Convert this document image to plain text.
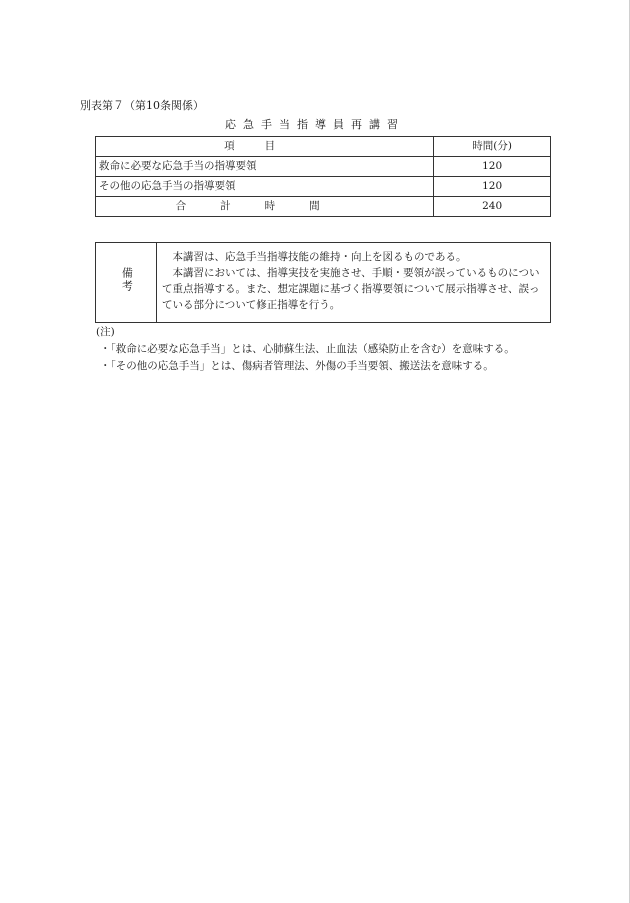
別表第７（第10条関係）
応急手当指導員再講習
項目	時間(分)
救命に必要な応急手当の指導要領	120
その他の応急手当の指導要領	120
合計時間	240
備考	

本講習は、応急手当指導技能の維持・向上を図るものである。

本講習においては、指導実技を実施させ、手順・要領が誤っているものについて重点指導する。また、想定課題に基づく指導要領について展示指導させ、誤っている部分について修正指導を行う。

(注)
・「救命に必要な応急手当」とは、心肺蘇生法、止血法（感染防止を含む）を意味する。
・「その他の応急手当」とは、傷病者管理法、外傷の手当要領、搬送法を意味する。
